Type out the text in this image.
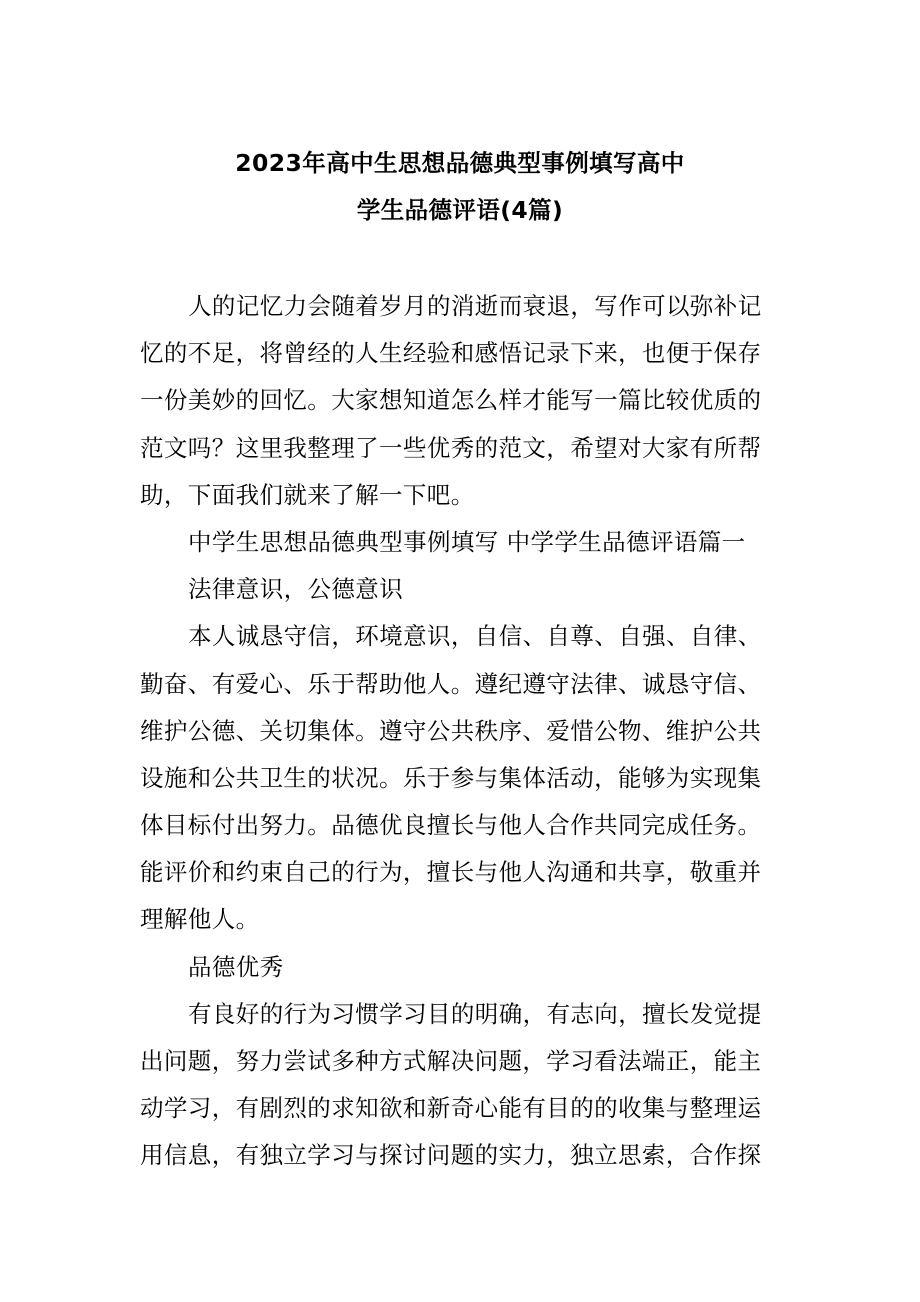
2023年高中生思想品德典型事例填写高中
学生品德评语(4篇)
人的记忆力会随着岁月的消逝而衰退，写作可以弥补记
忆的不足，将曾经的人生经验和感悟记录下来，也便于保存
一份美妙的回忆。大家想知道怎么样才能写一篇比较优质的
范文吗？这里我整理了一些优秀的范文，希望对大家有所帮
助，下面我们就来了解一下吧。
中学生思想品德典型事例填写 中学学生品德评语篇一
法律意识，公德意识
本人诚恳守信，环境意识，自信、自尊、自强、自律、
勤奋、有爱心、乐于帮助他人。遵纪遵守法律、诚恳守信、
维护公德、关切集体。遵守公共秩序、爱惜公物、维护公共
设施和公共卫生的状况。乐于参与集体活动，能够为实现集
体目标付出努力。品德优良擅长与他人合作共同完成任务。
能评价和约束自己的行为，擅长与他人沟通和共享，敬重并
理解他人。
品德优秀
有良好的行为习惯学习目的明确，有志向，擅长发觉提
出问题，努力尝试多种方式解决问题，学习看法端正，能主
动学习，有剧烈的求知欲和新奇心能有目的的收集与整理运
用信息，有独立学习与探讨问题的实力，独立思索，合作探
